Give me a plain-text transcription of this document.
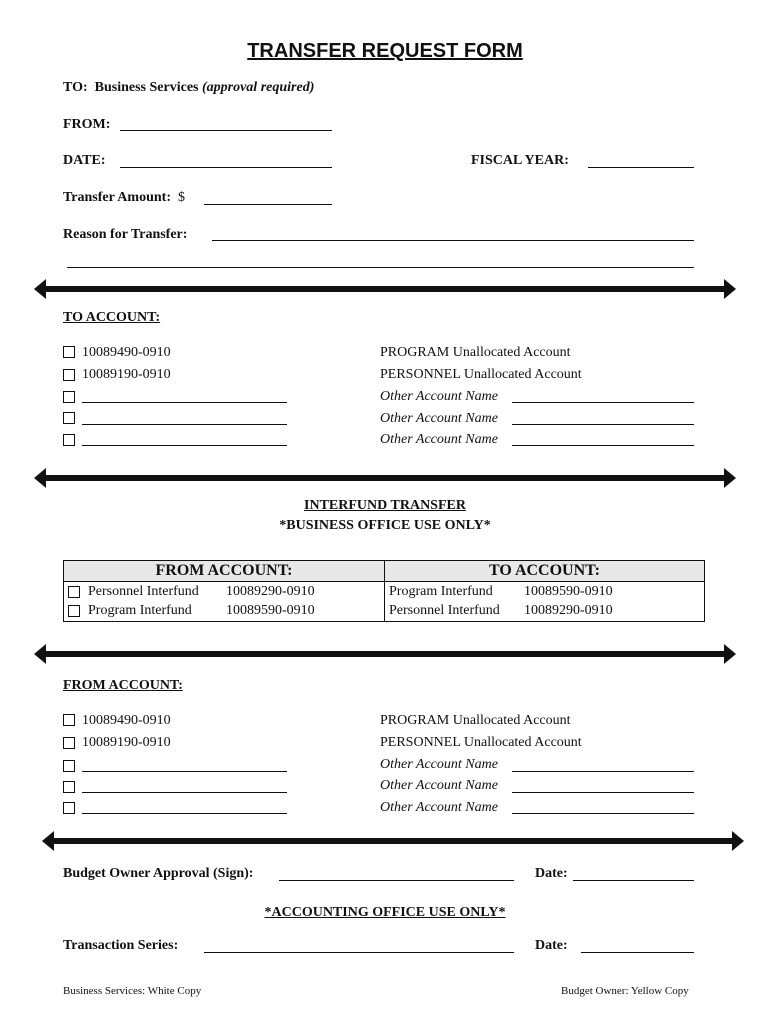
TRANSFER REQUEST FORM
TO: Business Services (approval required)
FROM:
DATE:	FISCAL YEAR:
Transfer Amount: $
Reason for Transfer:
TO ACCOUNT:
10089490-0910	PROGRAM Unallocated Account
10089190-0910	PERSONNEL Unallocated Account
Other Account Name
Other Account Name
Other Account Name
INTERFUND TRANSFER
*BUSINESS OFFICE USE ONLY*
FROM ACCOUNT:	TO ACCOUNT:

Personnel Interfund 10089290-0910	Program Interfund 10089590-0910

Program Interfund 10089590-0910	Personnel Interfund 10089290-0910
FROM ACCOUNT:
10089490-0910	PROGRAM Unallocated Account
10089190-0910	PERSONNEL Unallocated Account
Other Account Name
Other Account Name
Other Account Name
Budget Owner Approval (Sign):	Date:
*ACCOUNTING OFFICE USE ONLY*
Transaction Series:	Date:
Business Services: White Copy	Budget Owner: Yellow Copy
